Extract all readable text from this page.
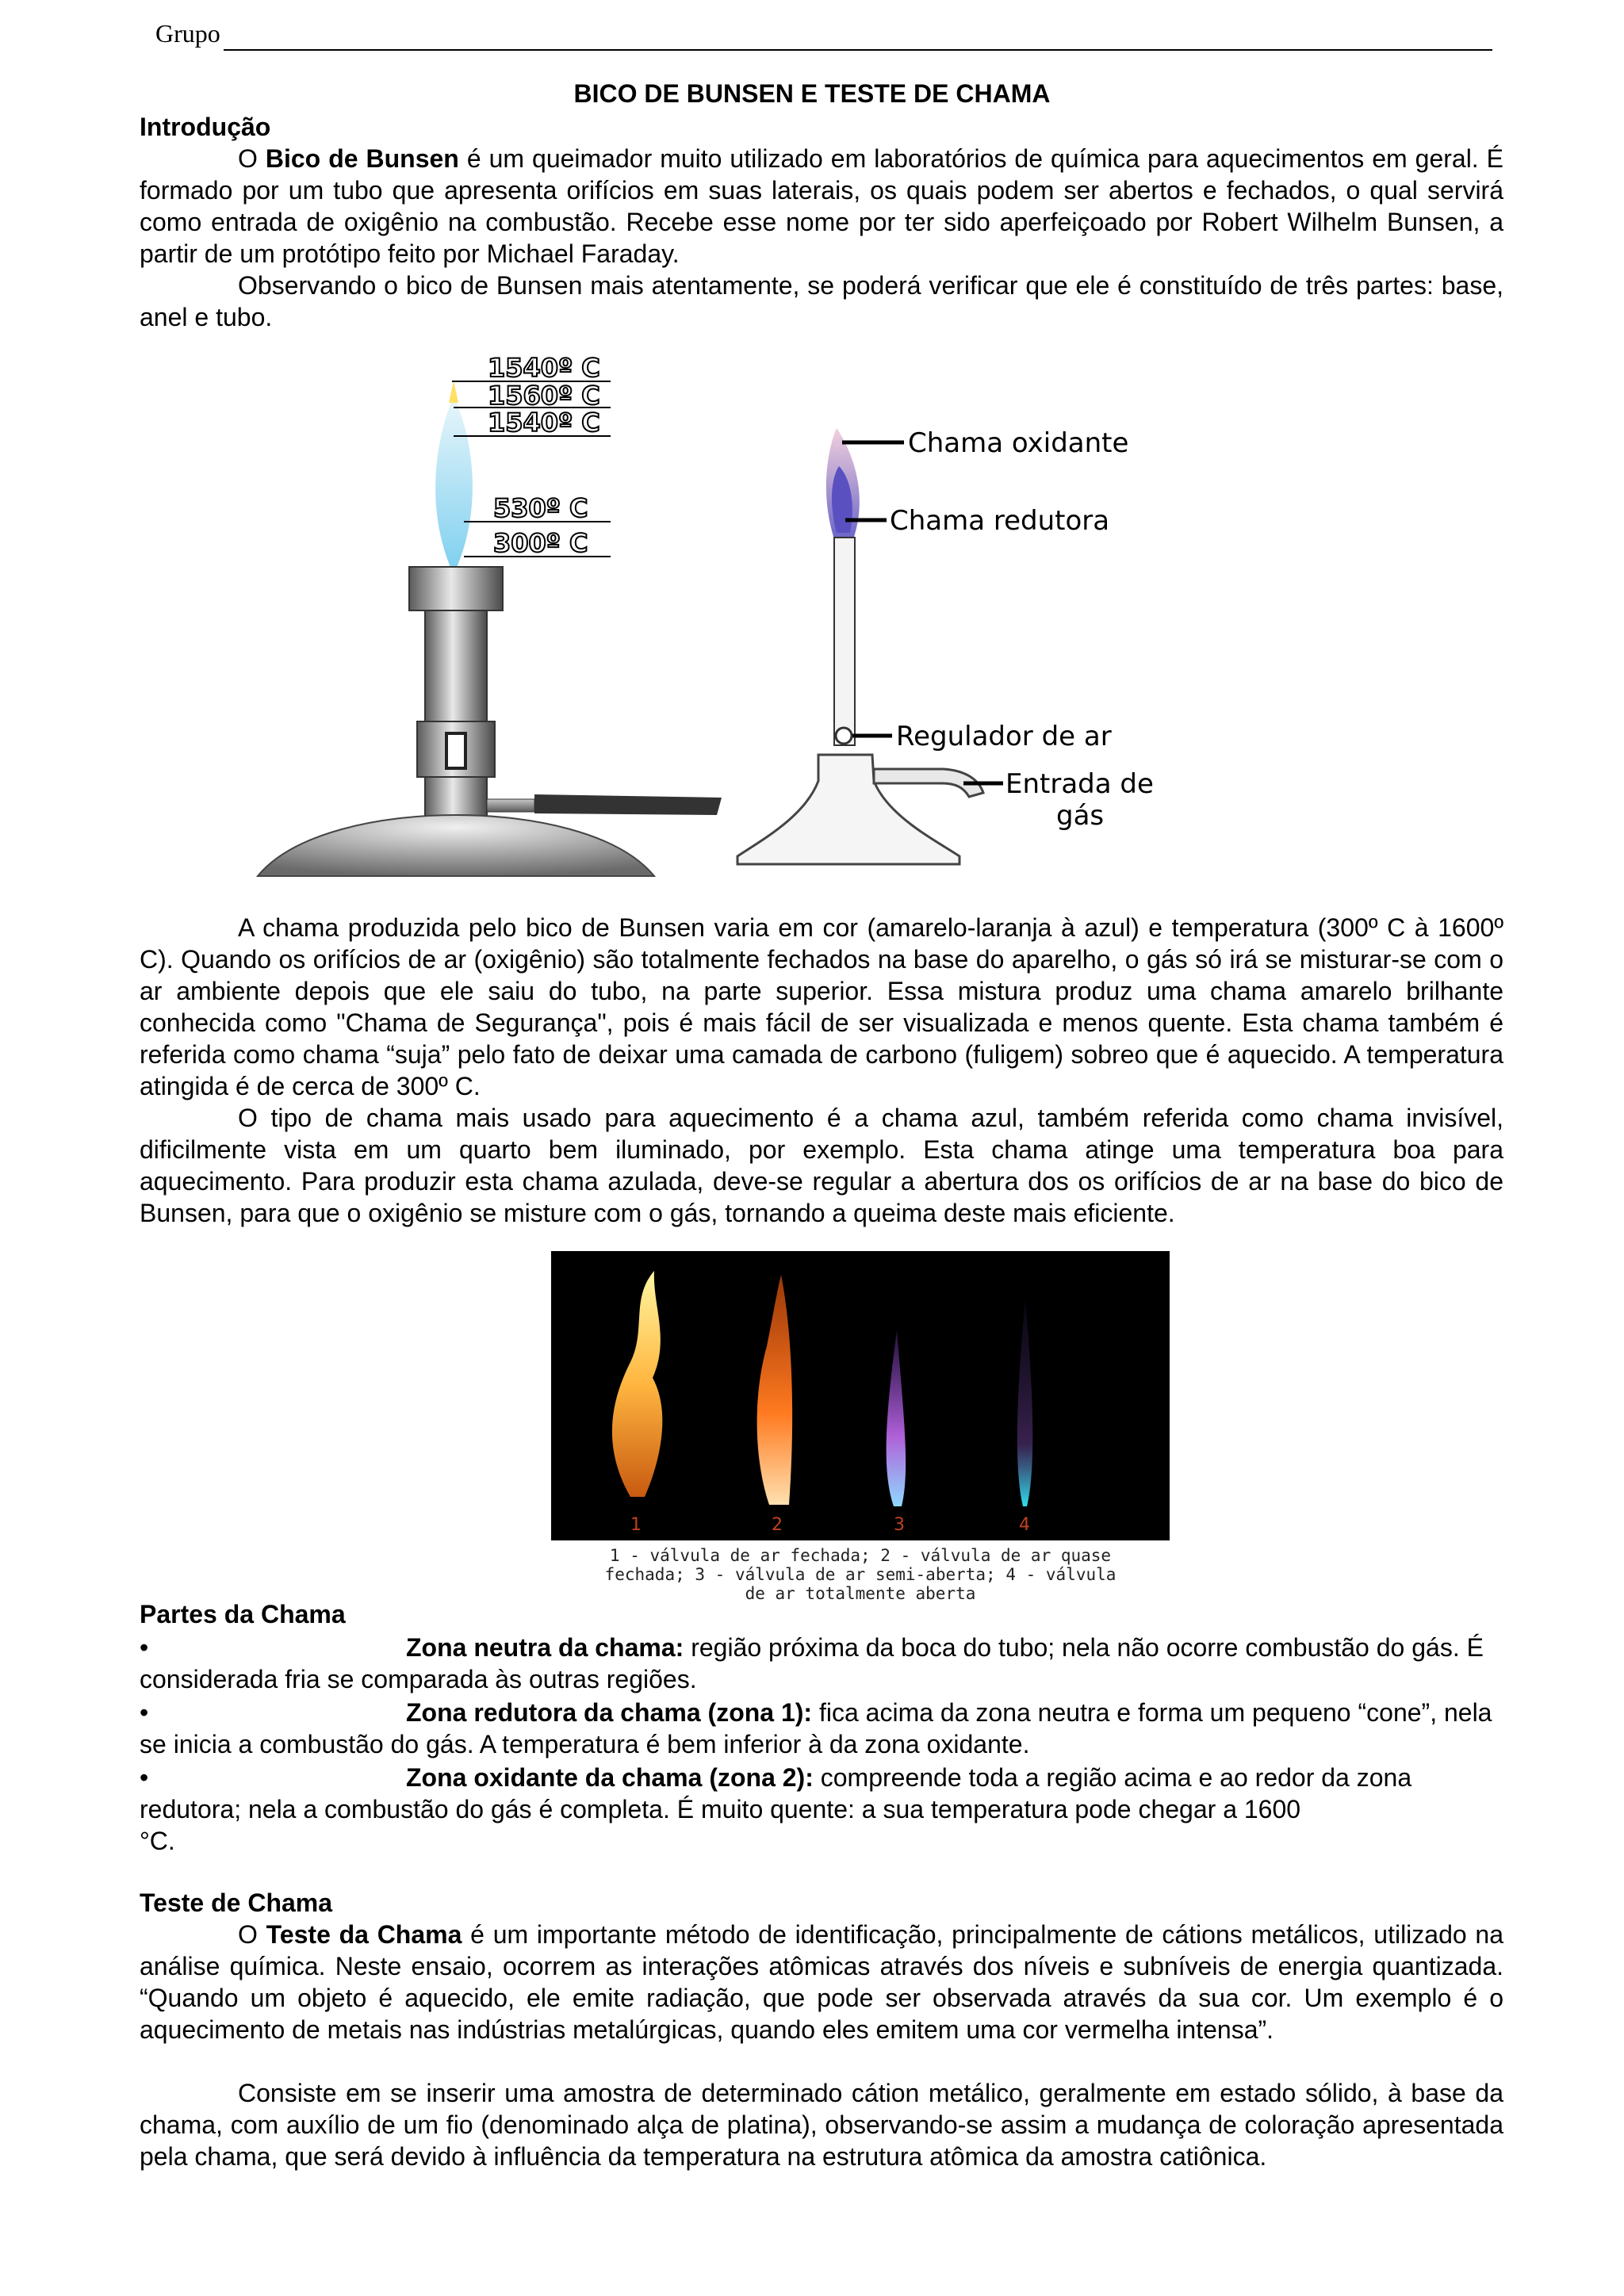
Grupo
BICO DE BUNSEN E TESTE DE CHAMA
Introdução
O Bico de Bunsen é um queimador muito utilizado em laboratórios de química para aquecimentos em geral. É formado por um tubo que apresenta orifícios em suas laterais, os quais podem ser abertos e fechados, o qual servirá como entrada de oxigênio na combustão. Recebe esse nome por ter sido aperfeiçoado por Robert Wilhelm Bunsen, a partir de um protótipo feito por Michael Faraday.
Observando o bico de Bunsen mais atentamente, se poderá verificar que ele é constituído de três partes: base, anel e tubo.
1540º C
1560º C
1540º C
530º C
300º C
Chama oxidante
Chama redutora
Regulador de ar
Entrada de
gás
A chama produzida pelo bico de Bunsen varia em cor (amarelo-laranja à azul) e temperatura (300º C à 1600º C). Quando os orifícios de ar (oxigênio) são totalmente fechados na base do aparelho, o gás só irá se misturar-se com o ar ambiente depois que ele saiu do tubo, na parte superior. Essa mistura produz uma chama amarelo brilhante conhecida como "Chama de Segurança", pois é mais fácil de ser visualizada e menos quente. Esta chama também é referida como chama “suja” pelo fato de deixar uma camada de carbono (fuligem) sobreo que é aquecido. A temperatura atingida é de cerca de 300º C.
O tipo de chama mais usado para aquecimento é a chama azul, também referida como chama invisível, dificilmente vista em um quarto bem iluminado, por exemplo. Esta chama atinge uma temperatura boa para aquecimento. Para produzir esta chama azulada, deve-se regular a abertura dos os orifícios de ar na base do bico de Bunsen, para que o oxigênio se misture com o gás, tornando a queima deste mais eficiente.
1	2	3	4
1 - válvula de ar fechada; 2 - válvula de ar quase
fechada; 3 - válvula de ar semi-aberta; 4 - válvula
de ar totalmente aberta
Partes da Chama
•	Zona neutra da chama: região próxima da boca do tubo; nela não ocorre combustão do gás. É considerada fria se comparada às outras regiões.
•	Zona redutora da chama (zona 1): fica acima da zona neutra e forma um pequeno “cone”, nela se inicia a combustão do gás. A temperatura é bem inferior à da zona oxidante.
•	Zona oxidante da chama (zona 2): compreende toda a região acima e ao redor da zona redutora; nela a combustão do gás é completa. É muito quente: a sua temperatura pode chegar a 1600
°C.
Teste de Chama
O Teste da Chama é um importante método de identificação, principalmente de cátions metálicos, utilizado na análise química. Neste ensaio, ocorrem as interações atômicas através dos níveis e subníveis de energia quantizada. “Quando um objeto é aquecido, ele emite radiação, que pode ser observada através da sua cor. Um exemplo é o aquecimento de metais nas indústrias metalúrgicas, quando eles emitem uma cor vermelha intensa”.
Consiste em se inserir uma amostra de determinado cátion metálico, geralmente em estado sólido, à base da chama, com auxílio de um fio (denominado alça de platina), observando-se assim a mudança de coloração apresentada pela chama, que será devido à influência da temperatura na estrutura atômica da amostra catiônica.
